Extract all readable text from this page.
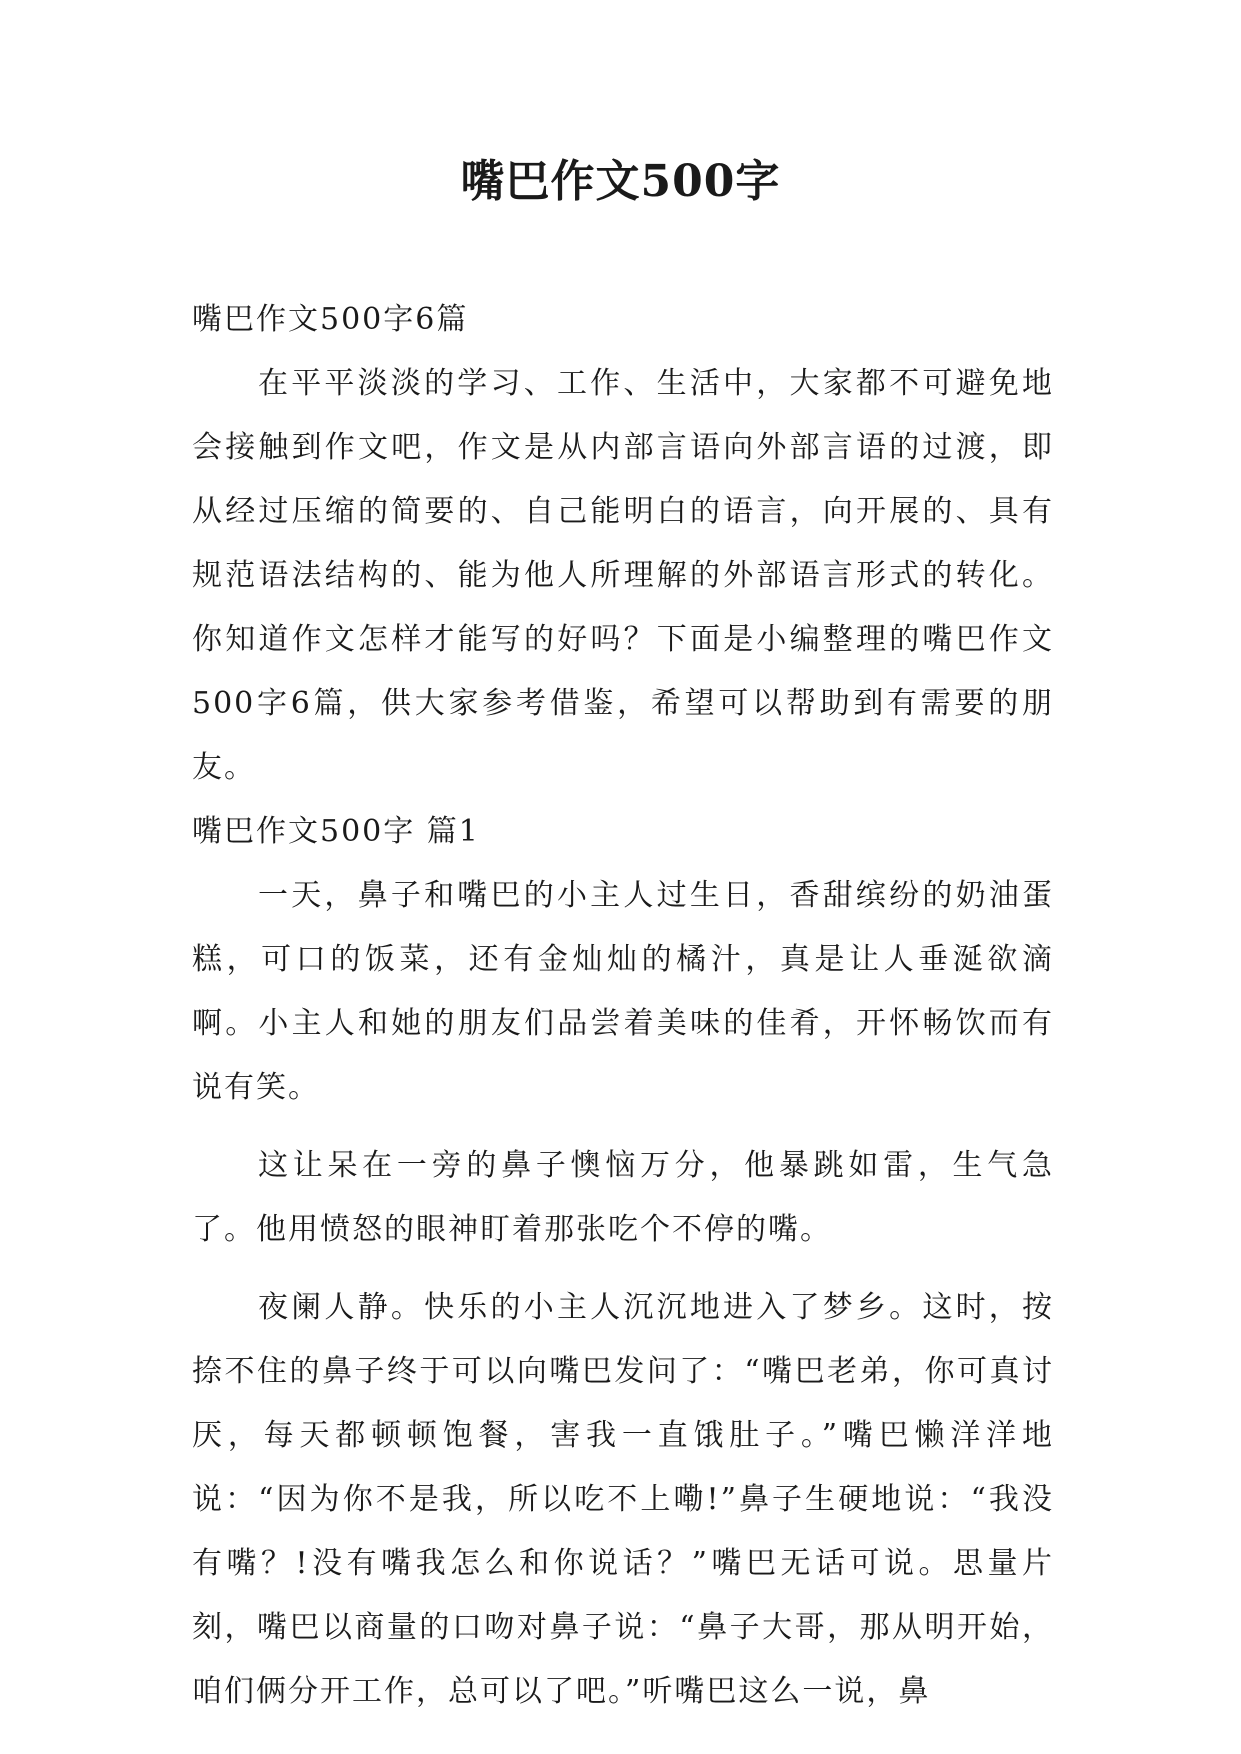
嘴巴作文500字

嘴巴作文500字6篇

在平平淡淡的学习、工作、生活中，大家都不可避免地会接触到作文吧，作文是从内部言语向外部言语的过渡，即从经过压缩的简要的、自己能明白的语言，向开展的、具有规范语法结构的、能为他人所理解的外部语言形式的转化。你知道作文怎样才能写的好吗？下面是小编整理的嘴巴作文500字6篇，供大家参考借鉴，希望可以帮助到有需要的朋友。

嘴巴作文500字 篇1

一天，鼻子和嘴巴的小主人过生日，香甜缤纷的奶油蛋糕，可口的饭菜，还有金灿灿的橘汁，真是让人垂涎欲滴啊。小主人和她的朋友们品尝着美味的佳肴，开怀畅饮而有说有笑。

这让呆在一旁的鼻子懊恼万分，他暴跳如雷，生气急了。他用愤怒的眼神盯着那张吃个不停的嘴。

夜阑人静。快乐的小主人沉沉地进入了梦乡。这时，按捺不住的鼻子终于可以向嘴巴发问了：“嘴巴老弟，你可真讨厌，每天都顿顿饱餐，害我一直饿肚子。”嘴巴懒洋洋地说：“因为你不是我，所以吃不上嘞!”鼻子生硬地说：“我没有嘴？!没有嘴我怎么和你说话？”嘴巴无话可说。思量片刻，嘴巴以商量的口吻对鼻子说：“鼻子大哥，那从明开始，咱们俩分开工作，总可以了吧。”听嘴巴这么一说，鼻
